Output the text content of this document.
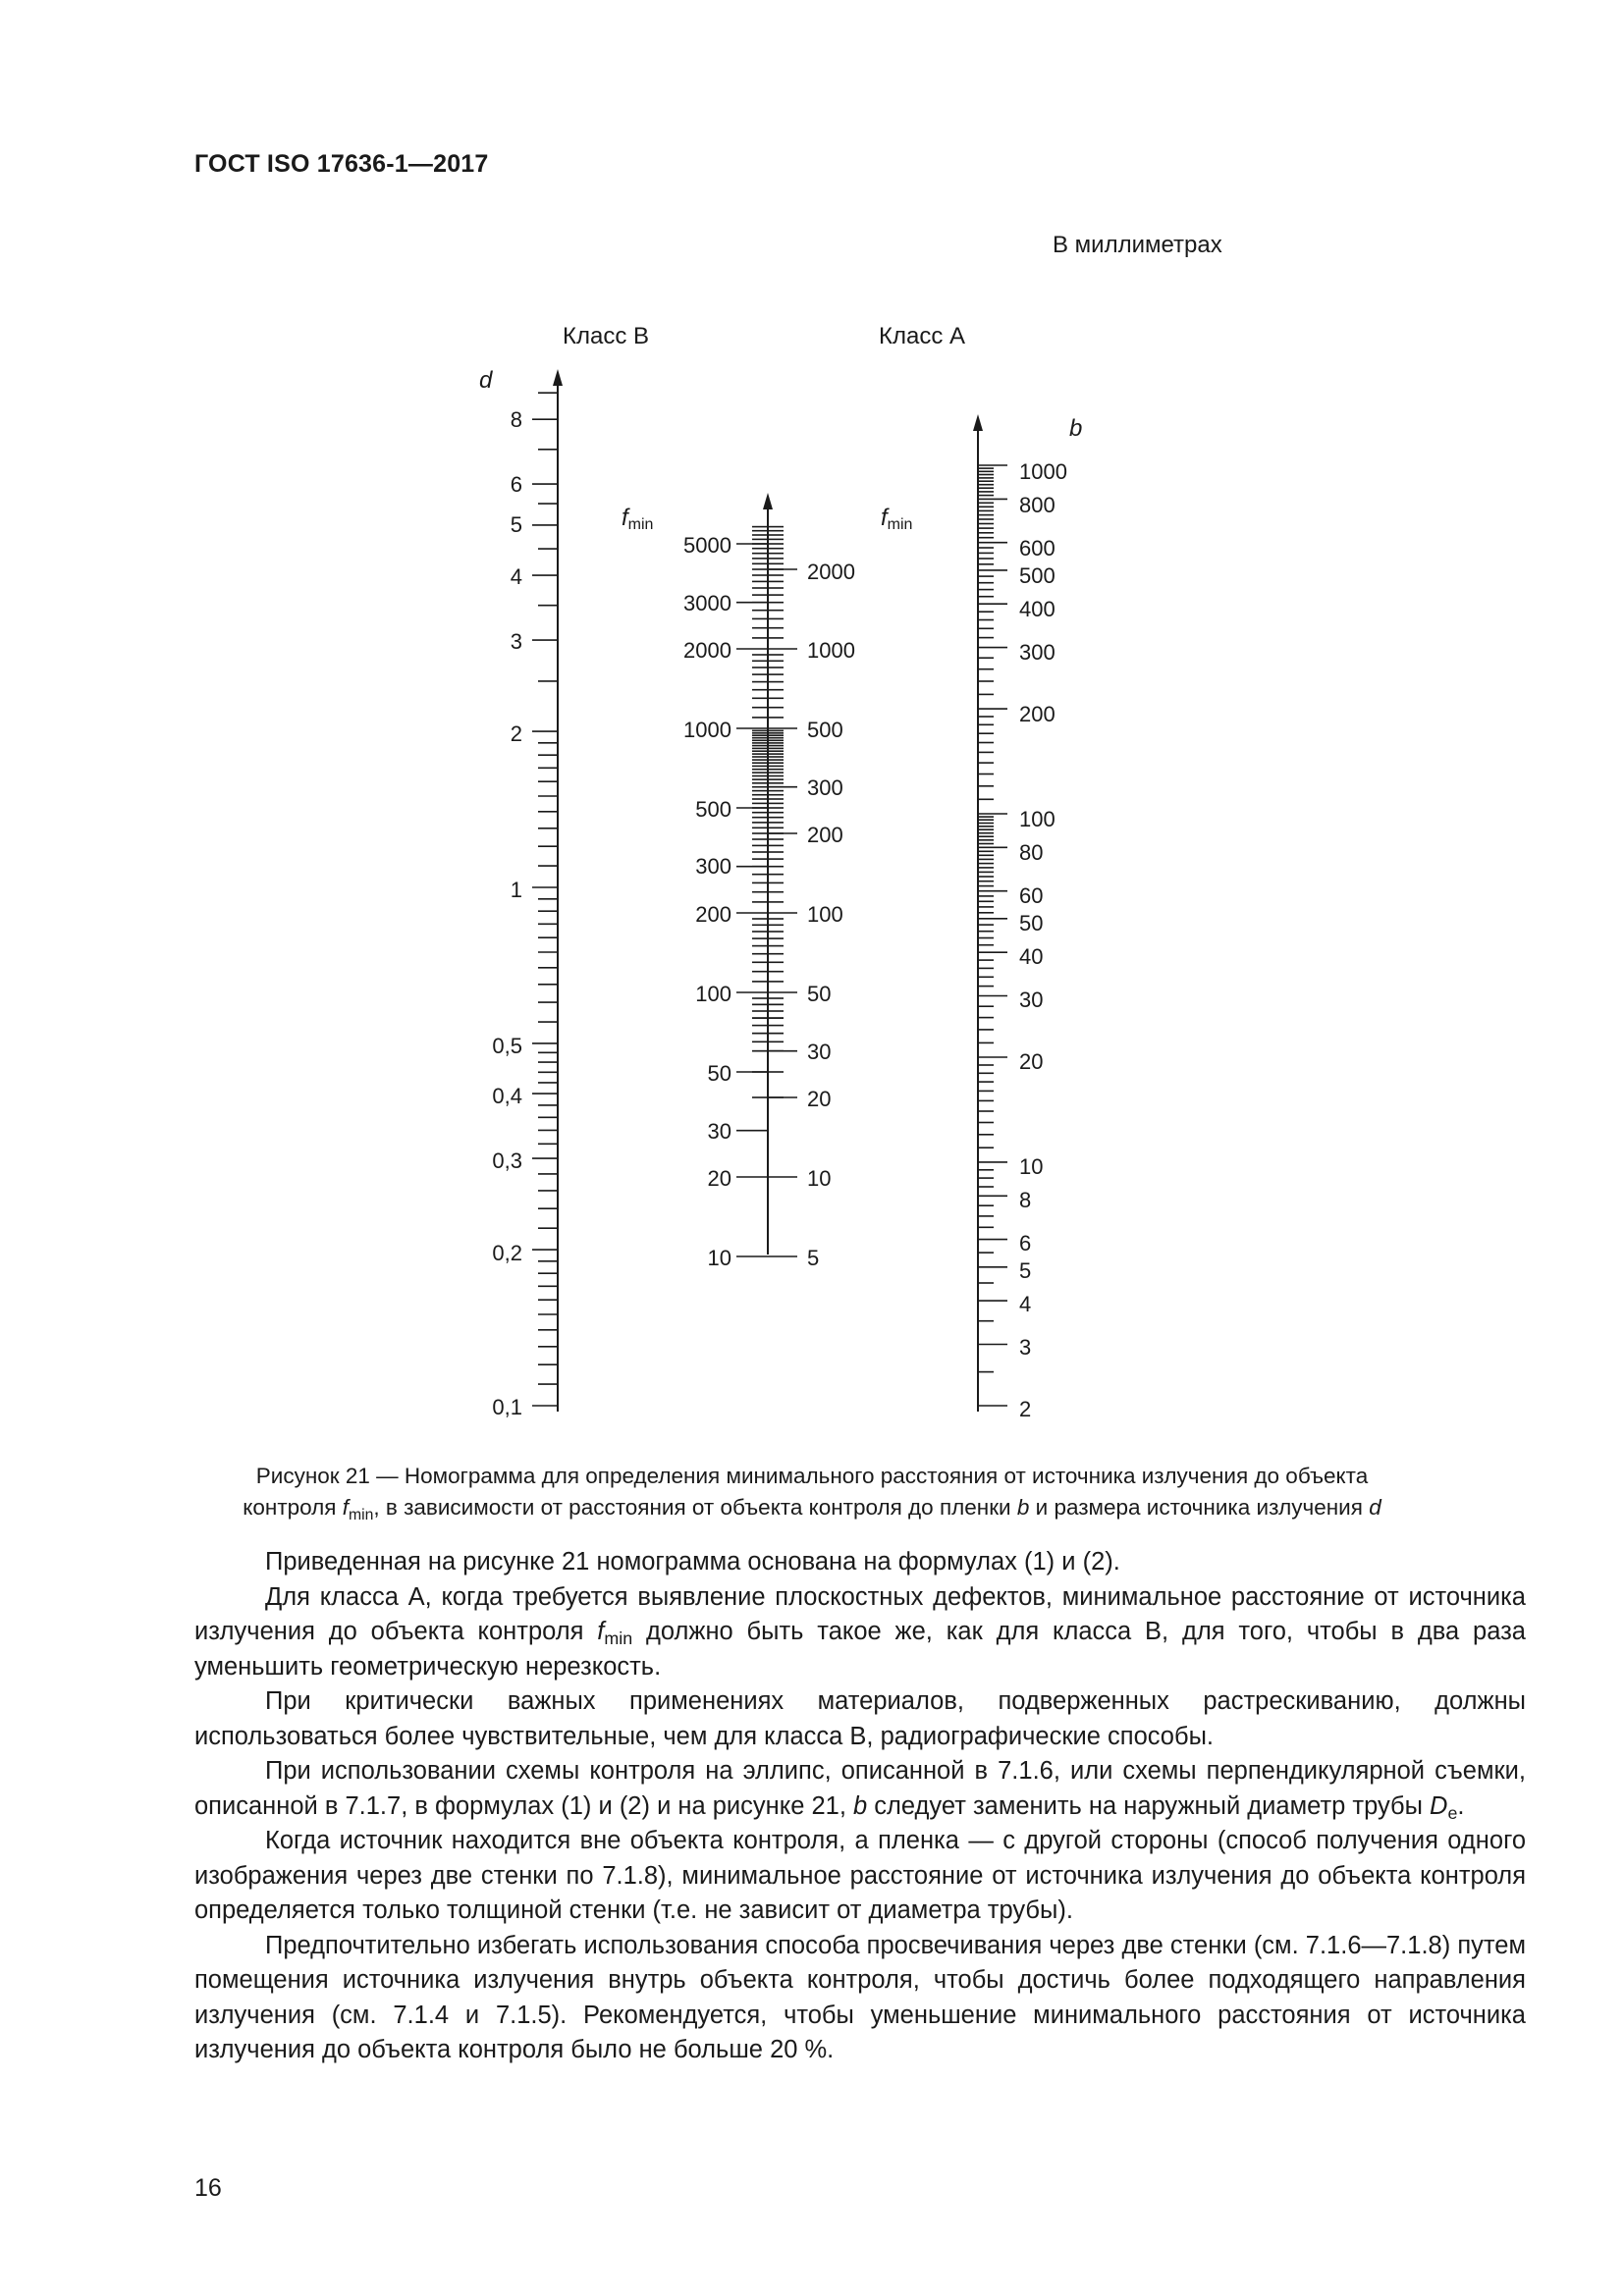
ГОСТ ISO 17636-1—2017
В миллиметрах
Класс B	Класс A
d
b
fmin	fmin
8
6
5
4
3
2
1
0,5
0,4
0,3
0,2
0,1
5000
3000
2000
1000
500
300
200
100
50
30
20
10
2000
1000
500
300
200
100
50
30
20
10
5
1000
800
600
500
400
300
200
100
80
60
50
40
30
20
10
8
6
5
4
3
2
Рисунок 21 — Номограмма для определения минимального расстояния от источника излучения до объекта
контроля $f_{min}$, в зависимости от расстояния от объекта контроля до пленки b и размера источника излучения d

Приведенная на рисунке 21 номограмма основана на формулах (1) и (2).

Для класса А, когда требуется выявление плоскостных дефектов, минимальное расстояние от источника излучения до объекта контроля $f_{min}$ должно быть такое же, как для класса В, для того, чтобы в два раза уменьшить геометрическую нерезкость.

При критически важных применениях материалов, подверженных растрескиванию, должны использоваться более чувствительные, чем для класса В, радиографические способы.

При использовании схемы контроля на эллипс, описанной в 7.1.6, или схемы перпендикулярной съемки, описанной в 7.1.7, в формулах (1) и (2) и на рисунке 21, b следует заменить на наружный диаметр трубы $D_e$.

Когда источник находится вне объекта контроля, а пленка — с другой стороны (способ получения одного изображения через две стенки по 7.1.8), минимальное расстояние от источника излучения до объекта контроля определяется только толщиной стенки (т.е. не зависит от диаметра трубы).

Предпочтительно избегать использования способа просвечивания через две стенки (см. 7.1.6—7.1.8) путем помещения источника излучения внутрь объекта контроля, чтобы достичь более подходящего направления излучения (см. 7.1.4 и 7.1.5). Рекомендуется, чтобы уменьшение минимального расстояния от источника излучения до объекта контроля было не больше 20 %.

16
